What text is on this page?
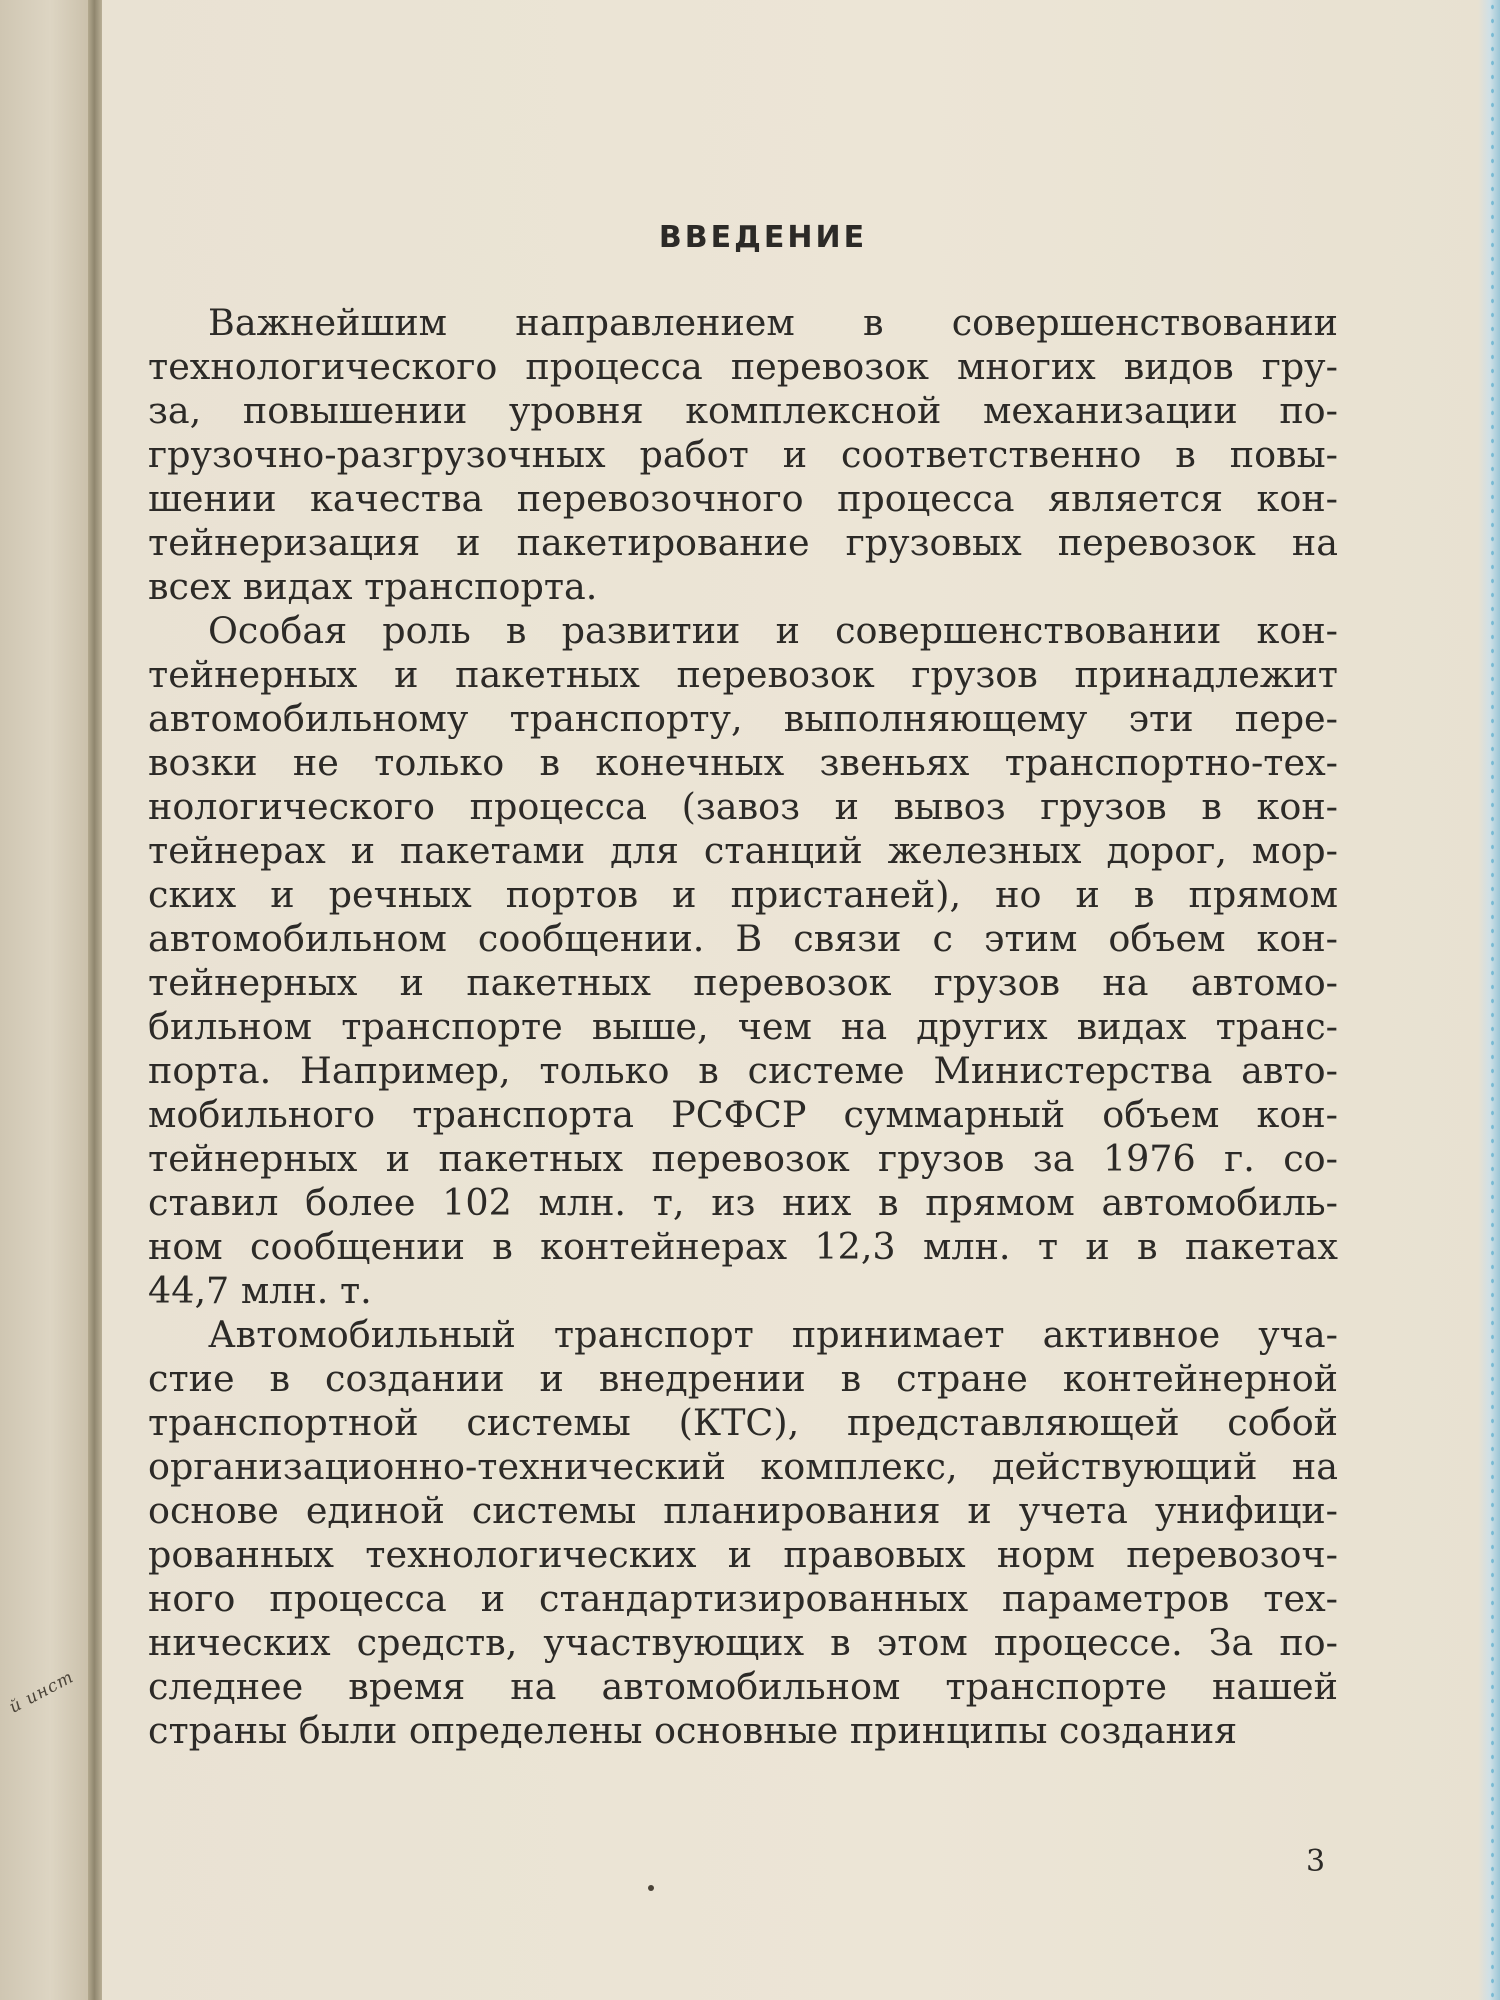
й инст
ВВЕДЕНИЕ
Важнейшим направлением в совершенствовании
технологического процесса перевозок многих видов гру-
за, повышении уровня комплексной механизации по-
грузочно-разгрузочных работ и соответственно в повы-
шении качества перевозочного процесса является кон-
тейнеризация и пакетирование грузовых перевозок на
всех видах транспорта.
Особая роль в развитии и совершенствовании кон-
тейнерных и пакетных перевозок грузов принадлежит
автомобильному транспорту, выполняющему эти пере-
возки не только в конечных звеньях транспортно-тех-
нологического процесса (завоз и вывоз грузов в кон-
тейнерах и пакетами для станций железных дорог, мор-
ских и речных портов и пристаней), но и в прямом
автомобильном сообщении. В связи с этим объем кон-
тейнерных и пакетных перевозок грузов на автомо-
бильном транспорте выше, чем на других видах транс-
порта. Например, только в системе Министерства авто-
мобильного транспорта РСФСР суммарный объем кон-
тейнерных и пакетных перевозок грузов за 1976 г. со-
ставил более 102 млн. т, из них в прямом автомобиль-
ном сообщении в контейнерах 12,3 млн. т и в пакетах
44,7 млн. т.
Автомобильный транспорт принимает активное уча-
стие в создании и внедрении в стране контейнерной
транспортной системы (КТС), представляющей собой
организационно-технический комплекс, действующий на
основе единой системы планирования и учета унифици-
рованных технологических и правовых норм перевозоч-
ного процесса и стандартизированных параметров тех-
нических средств, участвующих в этом процессе. За по-
следнее время на автомобильном транспорте нашей
страны были определены основные принципы создания
3
